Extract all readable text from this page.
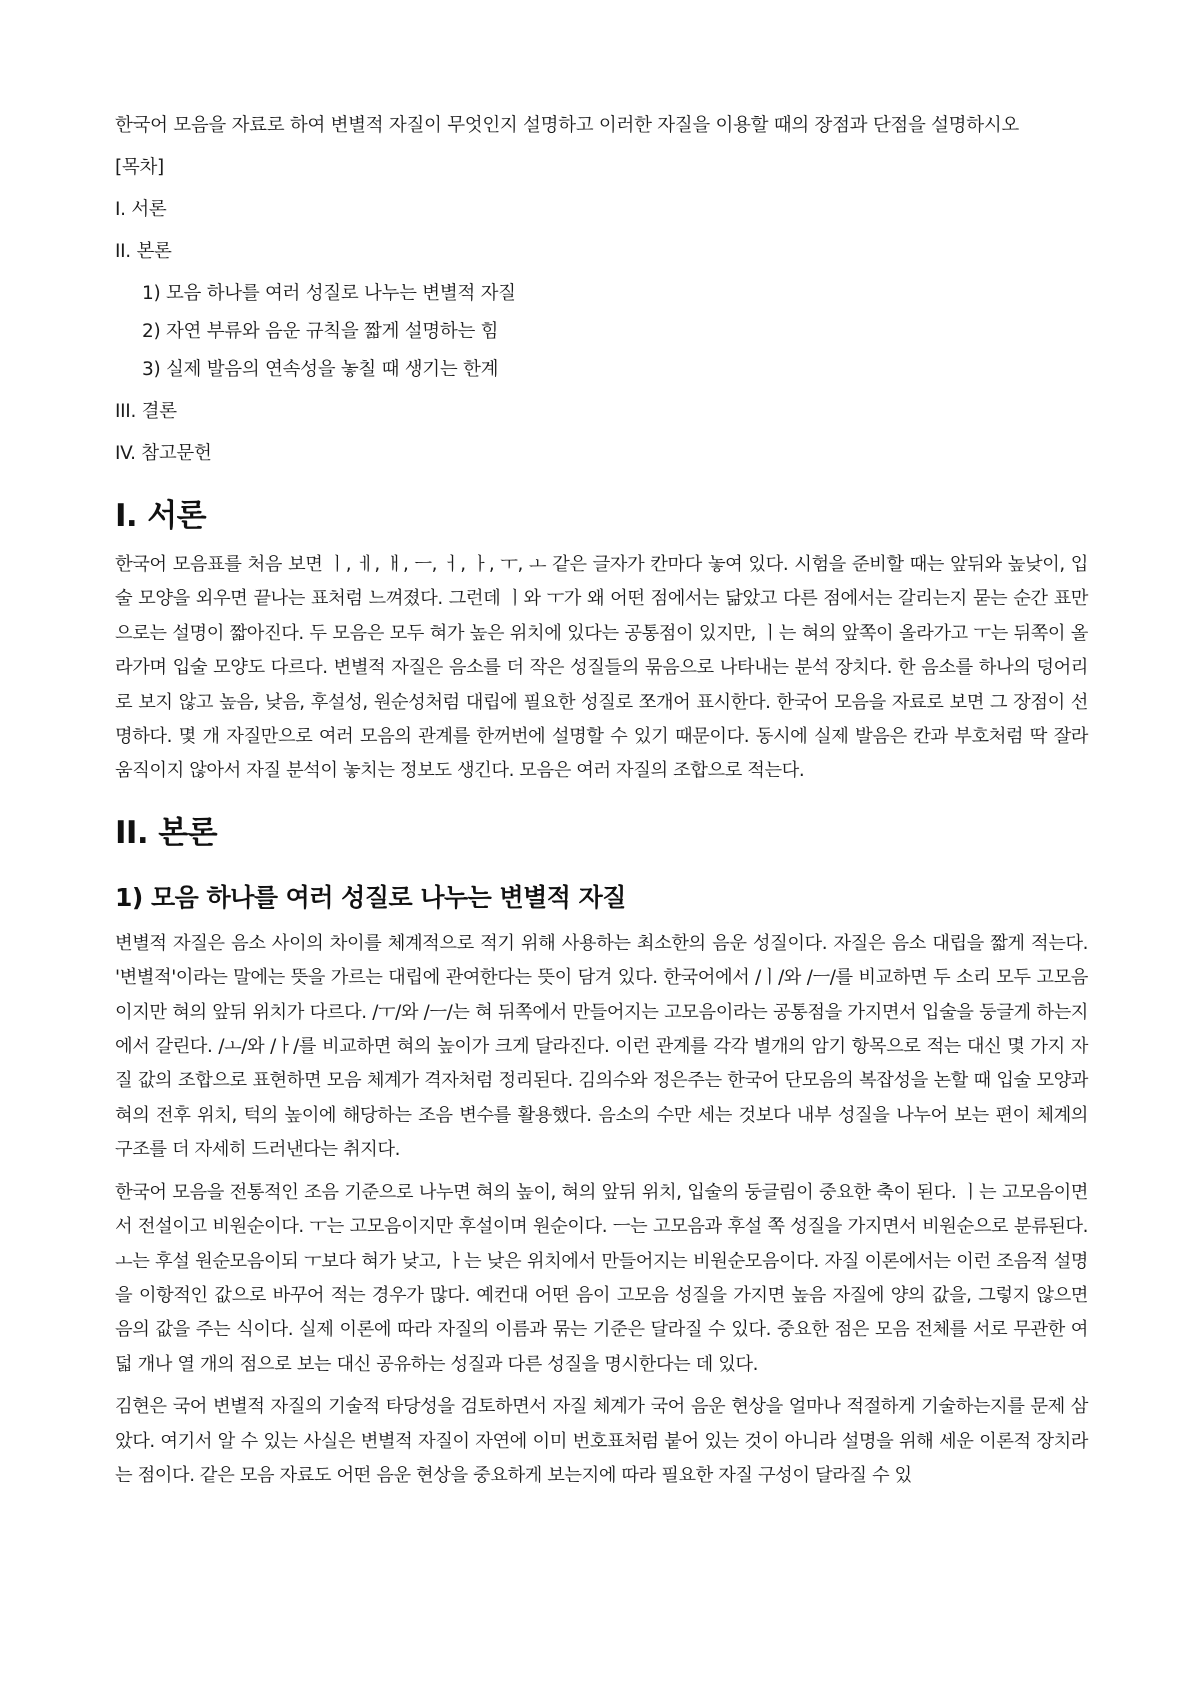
한국어 모음을 자료로 하여 변별적 자질이 무엇인지 설명하고 이러한 자질을 이용할 때의 장점과 단점을 설명하시오
[목차]
I. 서론
II. 본론
1) 모음 하나를 여러 성질로 나누는 변별적 자질
2) 자연 부류와 음운 규칙을 짧게 설명하는 힘
3) 실제 발음의 연속성을 놓칠 때 생기는 한계
III. 결론
IV. 참고문헌
I. 서론

한국어 모음표를 처음 보면 ㅣ, ㅔ, ㅐ, ㅡ, ㅓ, ㅏ, ㅜ, ㅗ 같은 글자가 칸마다 놓여 있다. 시험을 준비할 때는 앞뒤와 높낮이, 입술 모양을 외우면 끝나는 표처럼 느껴졌다. 그런데 ㅣ와 ㅜ가 왜 어떤 점에서는 닮았고 다른 점에서는 갈리는지 묻는 순간 표만으로는 설명이 짧아진다. 두 모음은 모두 혀가 높은 위치에 있다는 공통점이 있지만, ㅣ는 혀의 앞쪽이 올라가고 ㅜ는 뒤쪽이 올라가며 입술 모양도 다르다. 변별적 자질은 음소를 더 작은 성질들의 묶음으로 나타내는 분석 장치다. 한 음소를 하나의 덩어리로 보지 않고 높음, 낮음, 후설성, 원순성처럼 대립에 필요한 성질로 쪼개어 표시한다. 한국어 모음을 자료로 보면 그 장점이 선명하다. 몇 개 자질만으로 여러 모음의 관계를 한꺼번에 설명할 수 있기 때문이다. 동시에 실제 발음은 칸과 부호처럼 딱 잘라 움직이지 않아서 자질 분석이 놓치는 정보도 생긴다. 모음은 여러 자질의 조합으로 적는다.

II. 본론
1) 모음 하나를 여러 성질로 나누는 변별적 자질

변별적 자질은 음소 사이의 차이를 체계적으로 적기 위해 사용하는 최소한의 음운 성질이다. 자질은 음소 대립을 짧게 적는다. '변별적'이라는 말에는 뜻을 가르는 대립에 관여한다는 뜻이 담겨 있다. 한국어에서 /ㅣ/와 /ㅡ/를 비교하면 두 소리 모두 고모음이지만 혀의 앞뒤 위치가 다르다. /ㅜ/와 /ㅡ/는 혀 뒤쪽에서 만들어지는 고모음이라는 공통점을 가지면서 입술을 둥글게 하는지에서 갈린다. /ㅗ/와 /ㅏ/를 비교하면 혀의 높이가 크게 달라진다. 이런 관계를 각각 별개의 암기 항목으로 적는 대신 몇 가지 자질 값의 조합으로 표현하면 모음 체계가 격자처럼 정리된다. 김의수와 정은주는 한국어 단모음의 복잡성을 논할 때 입술 모양과 혀의 전후 위치, 턱의 높이에 해당하는 조음 변수를 활용했다. 음소의 수만 세는 것보다 내부 성질을 나누어 보는 편이 체계의 구조를 더 자세히 드러낸다는 취지다.

한국어 모음을 전통적인 조음 기준으로 나누면 혀의 높이, 혀의 앞뒤 위치, 입술의 둥글림이 중요한 축이 된다. ㅣ는 고모음이면서 전설이고 비원순이다. ㅜ는 고모음이지만 후설이며 원순이다. ㅡ는 고모음과 후설 쪽 성질을 가지면서 비원순으로 분류된다. ㅗ는 후설 원순모음이되 ㅜ보다 혀가 낮고, ㅏ는 낮은 위치에서 만들어지는 비원순모음이다. 자질 이론에서는 이런 조음적 설명을 이항적인 값으로 바꾸어 적는 경우가 많다. 예컨대 어떤 음이 고모음 성질을 가지면 높음 자질에 양의 값을, 그렇지 않으면 음의 값을 주는 식이다. 실제 이론에 따라 자질의 이름과 묶는 기준은 달라질 수 있다. 중요한 점은 모음 전체를 서로 무관한 여덟 개나 열 개의 점으로 보는 대신 공유하는 성질과 다른 성질을 명시한다는 데 있다.

김현은 국어 변별적 자질의 기술적 타당성을 검토하면서 자질 체계가 국어 음운 현상을 얼마나 적절하게 기술하는지를 문제 삼았다. 여기서 알 수 있는 사실은 변별적 자질이 자연에 이미 번호표처럼 붙어 있는 것이 아니라 설명을 위해 세운 이론적 장치라는 점이다. 같은 모음 자료도 어떤 음운 현상을 중요하게 보는지에 따라 필요한 자질 구성이 달라질 수 있
